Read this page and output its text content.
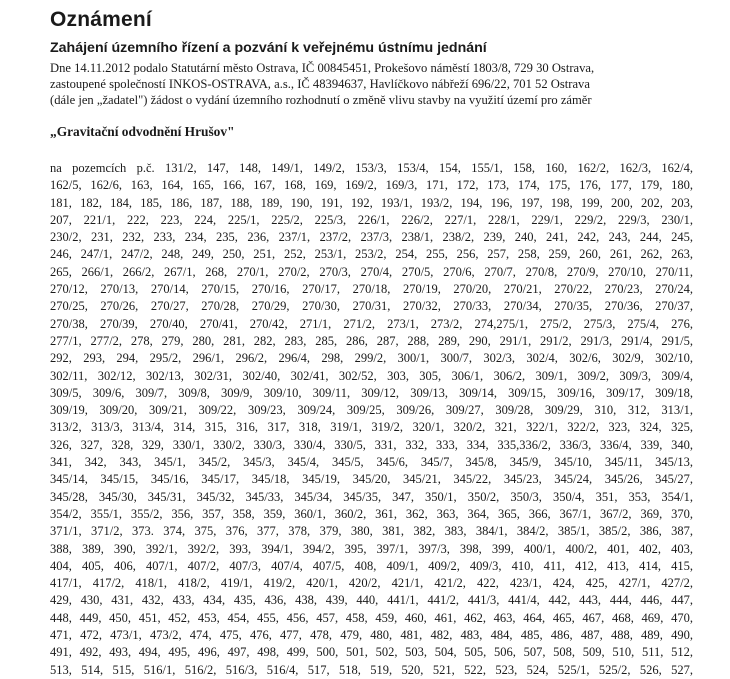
Oznámení
Zahájení územního řízení a pozvání k veřejnému ústnímu jednání
Dne 14.11.2012 podalo Statutární město Ostrava, IČ 00845451, Prokešovo náměstí 1803/8, 729 30 Ostrava,
zastoupené společností INKOS-OSTRAVA, a.s., IČ 48394637, Havlíčkovo nábřeží 696/22, 701 52 Ostrava
(dále jen „žadatel") žádost o vydání územního rozhodnutí o změně vlivu stavby na využití území pro záměr
„Gravitační odvodnění Hrušov"
na pozemcích p.č. 131/2, 147, 148, 149/1, 149/2, 153/3, 153/4, 154, 155/1, 158, 160, 162/2, 162/3, 162/4,
162/5, 162/6, 163, 164, 165, 166, 167, 168, 169, 169/2, 169/3, 171, 172, 173, 174, 175, 176, 177, 179, 180,
181, 182, 184, 185, 186, 187, 188, 189, 190, 191, 192, 193/1, 193/2, 194, 196, 197, 198, 199, 200, 202, 203,
207, 221/1, 222, 223, 224, 225/1, 225/2, 225/3, 226/1, 226/2, 227/1, 228/1, 229/1, 229/2, 229/3, 230/1,
230/2, 231, 232, 233, 234, 235, 236, 237/1, 237/2, 237/3, 238/1, 238/2, 239, 240, 241, 242, 243, 244, 245,
246, 247/1, 247/2, 248, 249, 250, 251, 252, 253/1, 253/2, 254, 255, 256, 257, 258, 259, 260, 261, 262, 263,
265, 266/1, 266/2, 267/1, 268, 270/1, 270/2, 270/3, 270/4, 270/5, 270/6, 270/7, 270/8, 270/9, 270/10, 270/11,
270/12, 270/13, 270/14, 270/15, 270/16, 270/17, 270/18, 270/19, 270/20, 270/21, 270/22, 270/23, 270/24,
270/25, 270/26, 270/27, 270/28, 270/29, 270/30, 270/31, 270/32, 270/33, 270/34, 270/35, 270/36, 270/37,
270/38, 270/39, 270/40, 270/41, 270/42, 271/1, 271/2, 273/1, 273/2, 274,275/1, 275/2, 275/3, 275/4, 276,
277/1, 277/2, 278, 279, 280, 281, 282, 283, 285, 286, 287, 288, 289, 290, 291/1, 291/2, 291/3, 291/4, 291/5,
292, 293, 294, 295/2, 296/1, 296/2, 296/4, 298, 299/2, 300/1, 300/7, 302/3, 302/4, 302/6, 302/9, 302/10,
302/11, 302/12, 302/13, 302/31, 302/40, 302/41, 302/52, 303, 305, 306/1, 306/2, 309/1, 309/2, 309/3, 309/4,
309/5, 309/6, 309/7, 309/8, 309/9, 309/10, 309/11, 309/12, 309/13, 309/14, 309/15, 309/16, 309/17, 309/18,
309/19, 309/20, 309/21, 309/22, 309/23, 309/24, 309/25, 309/26, 309/27, 309/28, 309/29, 310, 312, 313/1,
313/2, 313/3, 313/4, 314, 315, 316, 317, 318, 319/1, 319/2, 320/1, 320/2, 321, 322/1, 322/2, 323, 324, 325,
326, 327, 328, 329, 330/1, 330/2, 330/3, 330/4, 330/5, 331, 332, 333, 334, 335,336/2, 336/3, 336/4, 339, 340,
341, 342, 343, 345/1, 345/2, 345/3, 345/4, 345/5, 345/6, 345/7, 345/8, 345/9, 345/10, 345/11, 345/13,
345/14, 345/15, 345/16, 345/17, 345/18, 345/19, 345/20, 345/21, 345/22, 345/23, 345/24, 345/26, 345/27,
345/28, 345/30, 345/31, 345/32, 345/33, 345/34, 345/35, 347, 350/1, 350/2, 350/3, 350/4, 351, 353, 354/1,
354/2, 355/1, 355/2, 356, 357, 358, 359, 360/1, 360/2, 361, 362, 363, 364, 365, 366, 367/1, 367/2, 369, 370,
371/1, 371/2, 373. 374, 375, 376, 377, 378, 379, 380, 381, 382, 383, 384/1, 384/2, 385/1, 385/2, 386, 387,
388, 389, 390, 392/1, 392/2, 393, 394/1, 394/2, 395, 397/1, 397/3, 398, 399, 400/1, 400/2, 401, 402, 403,
404, 405, 406, 407/1, 407/2, 407/3, 407/4, 407/5, 408, 409/1, 409/2, 409/3, 410, 411, 412, 413, 414, 415,
417/1, 417/2, 418/1, 418/2, 419/1, 419/2, 420/1, 420/2, 421/1, 421/2, 422, 423/1, 424, 425, 427/1, 427/2,
429, 430, 431, 432, 433, 434, 435, 436, 438, 439, 440, 441/1, 441/2, 441/3, 441/4, 442, 443, 444, 446, 447,
448, 449, 450, 451, 452, 453, 454, 455, 456, 457, 458, 459, 460, 461, 462, 463, 464, 465, 467, 468, 469, 470,
471, 472, 473/1, 473/2, 474, 475, 476, 477, 478, 479, 480, 481, 482, 483, 484, 485, 486, 487, 488, 489, 490,
491, 492, 493, 494, 495, 496, 497, 498, 499, 500, 501, 502, 503, 504, 505, 506, 507, 508, 509, 510, 511, 512,
513, 514, 515, 516/1, 516/2, 516/3, 516/4, 517, 518, 519, 520, 521, 522, 523, 524, 525/1, 525/2, 526, 527,
